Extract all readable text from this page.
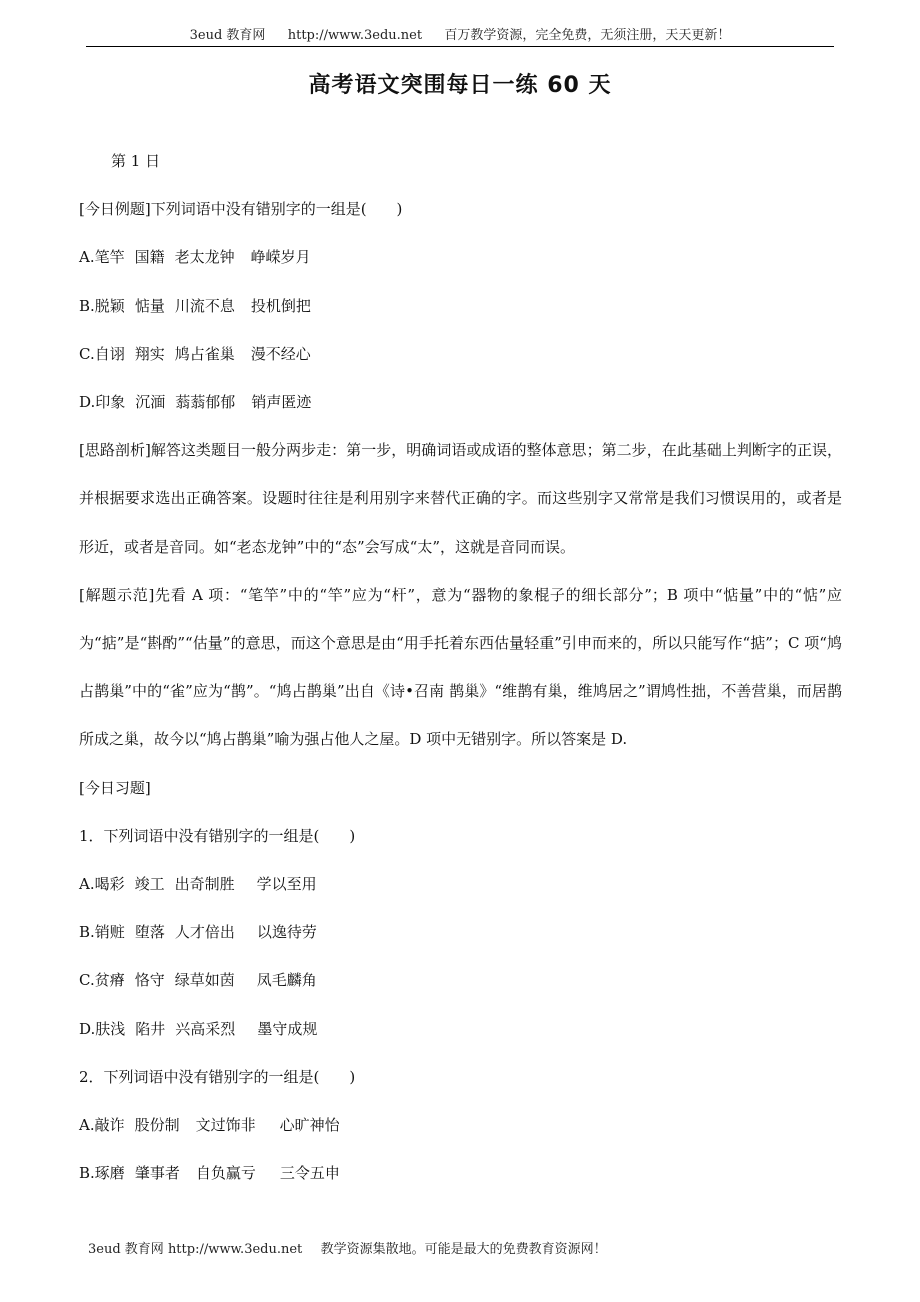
3eud 教育网 http://www.3edu.net 百万教学资源，完全免费，无须注册，天天更新！
高考语文突围每日一练 60 天

第 1 日

[今日例题]下列词语中没有错别字的一组是(　　)

A.笔竿 国籍 老太龙钟 峥嵘岁月

B.脱颖 惦量 川流不息 投机倒把

C.自诩 翔实 鸠占雀巢 漫不经心

D.印象 沉湎 蓊蓊郁郁 销声匿迹

[思路剖析]解答这类题目一般分两步走：第一步，明确词语或成语的整体意思；第二步，在此基础上判断字的正误，并根据要求选出正确答案。设题时往往是利用别字来替代正确的字。而这些别字又常常是我们习惯误用的，或者是形近，或者是音同。如“老态龙钟”中的“态”会写成“太”，这就是音同而误。

[解题示范]先看 A 项：“笔竿”中的“竿”应为“杆”，意为“器物的象棍子的细长部分”；B 项中“惦量”中的“惦”应为“掂”是“斟酌”“估量”的意思，而这个意思是由“用手托着东西估量轻重”引申而来的，所以只能写作“掂”；C 项“鸠占鹊巢”中的“雀”应为“鹊”。“鸠占鹊巢”出自《诗•召南 鹊巢》“维鹊有巢，维鸠居之”谓鸠性拙，不善营巢，而居鹊所成之巢，故今以“鸠占鹊巢”喻为强占他人之屋。D 项中无错别字。所以答案是 D.

[今日习题]

1．下列词语中没有错别字的一组是(　　)

A.喝彩 竣工 出奇制胜 学以至用

B.销赃 堕落 人才倍出 以逸待劳

C.贫瘠 恪守 绿草如茵 凤毛麟角

D.肤浅 陷井 兴高采烈 墨守成规

2．下列词语中没有错别字的一组是(　　)

A.敲诈 股份制 文过饰非 心旷神怡

B.琢磨 肇事者 自负赢亏 三令五申

3eud 教育网 http://www.3edu.net 教学资源集散地。可能是最大的免费教育资源网！
